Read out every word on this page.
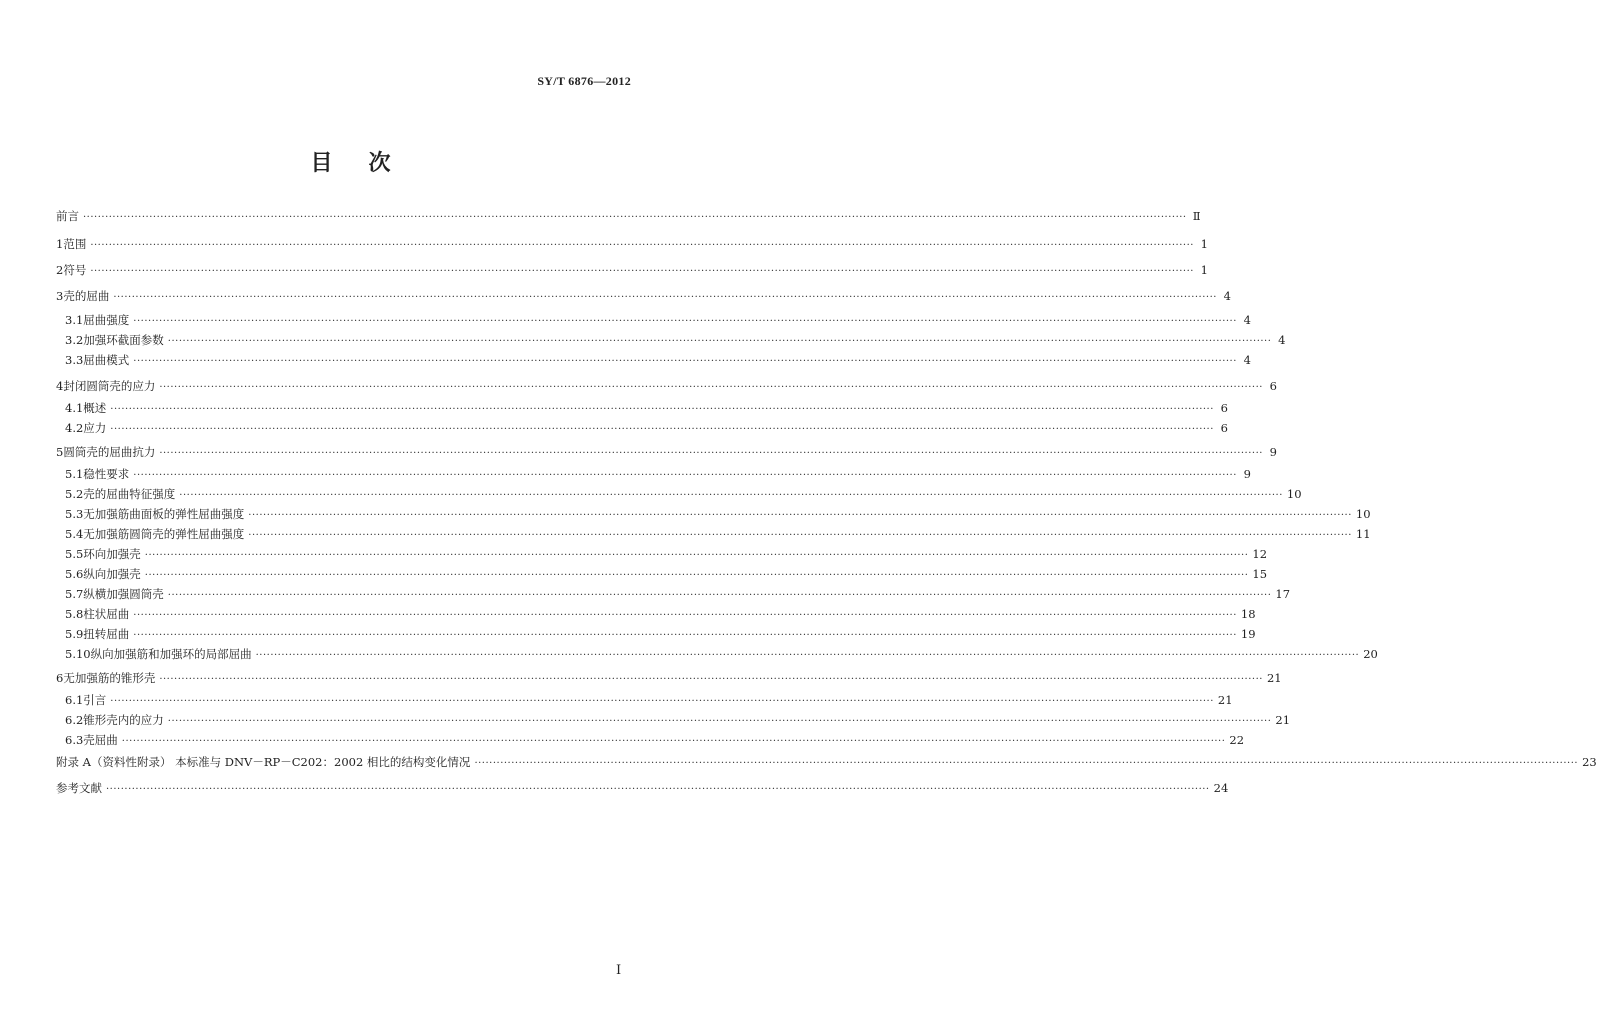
SY/T 6876—2012
目次
前言 ············································································································································································································································································································ Ⅱ
1 范围 ············································································································································································································································································································ 1
2 符号 ············································································································································································································································································································ 1
3 壳的屈曲 ············································································································································································································································································································ 4
3.1 屈曲强度 ············································································································································································································································································································ 4
3.2 加强环截面参数 ············································································································································································································································································································ 4
3.3 屈曲模式 ············································································································································································································································································································ 4
4 封闭圆筒壳的应力 ············································································································································································································································································································ 6
4.1 概述 ············································································································································································································································································································ 6
4.2 应力 ············································································································································································································································································································ 6
5 圆筒壳的屈曲抗力 ············································································································································································································································································································ 9
5.1 稳性要求 ············································································································································································································································································································ 9
5.2 壳的屈曲特征强度 ············································································································································································································································································································ 10
5.3 无加强筋曲面板的弹性屈曲强度 ············································································································································································································································································································ 10
5.4 无加强筋圆筒壳的弹性屈曲强度 ············································································································································································································································································································ 11
5.5 环向加强壳 ············································································································································································································································································································ 12
5.6 纵向加强壳 ············································································································································································································································································································ 15
5.7 纵横加强圆筒壳 ············································································································································································································································································································ 17
5.8 柱状屈曲 ············································································································································································································································································································ 18
5.9 扭转屈曲 ············································································································································································································································································································ 19
5.10 纵向加强筋和加强环的局部屈曲 ············································································································································································································································································································ 20
6 无加强筋的锥形壳 ············································································································································································································································································································ 21
6.1 引言 ············································································································································································································································································································ 21
6.2 锥形壳内的应力 ············································································································································································································································································································ 21
6.3 壳屈曲 ············································································································································································································································································································ 22
附录 A（资料性附录） 本标准与 DNV－RP－C202：2002 相比的结构变化情况 ············································································································································································································································································································ 23
参考文献 ············································································································································································································································································································ 24
Ⅰ
